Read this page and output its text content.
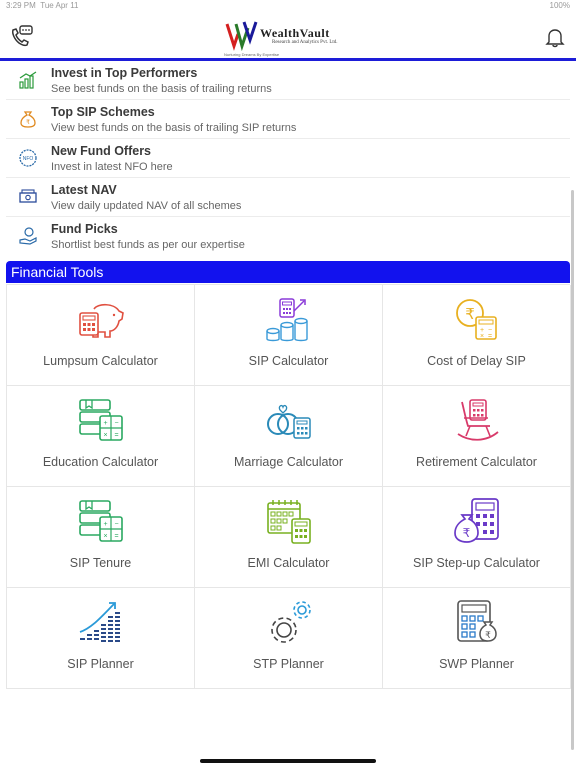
3:29 PM Tue Apr 11	100%
WealthVault
Research and Analytics Pvt. Ltd.
Nurturing Dreams By Expertise
Invest in Top Performers
See best funds on the basis of trailing returns
₹
Top SIP Schemes
View best funds on the basis of trailing SIP returns
NFO
New Fund Offers
Invest in latest NFO here
Latest NAV
View daily updated NAV of all schemes
Fund Picks
Shortlist best funds as per our expertise
Financial Tools
Lumpsum Calculator	SIP Calculator
₹
+ −
× =
Cost of Delay SIP
+ −
× =
Education Calculator	Marriage Calculator	Retirement Calculator
+ −
× =
SIP Tenure	EMI Calculator
₹
SIP Step-up Calculator
SIP Planner	STP Planner
₹
SWP Planner
